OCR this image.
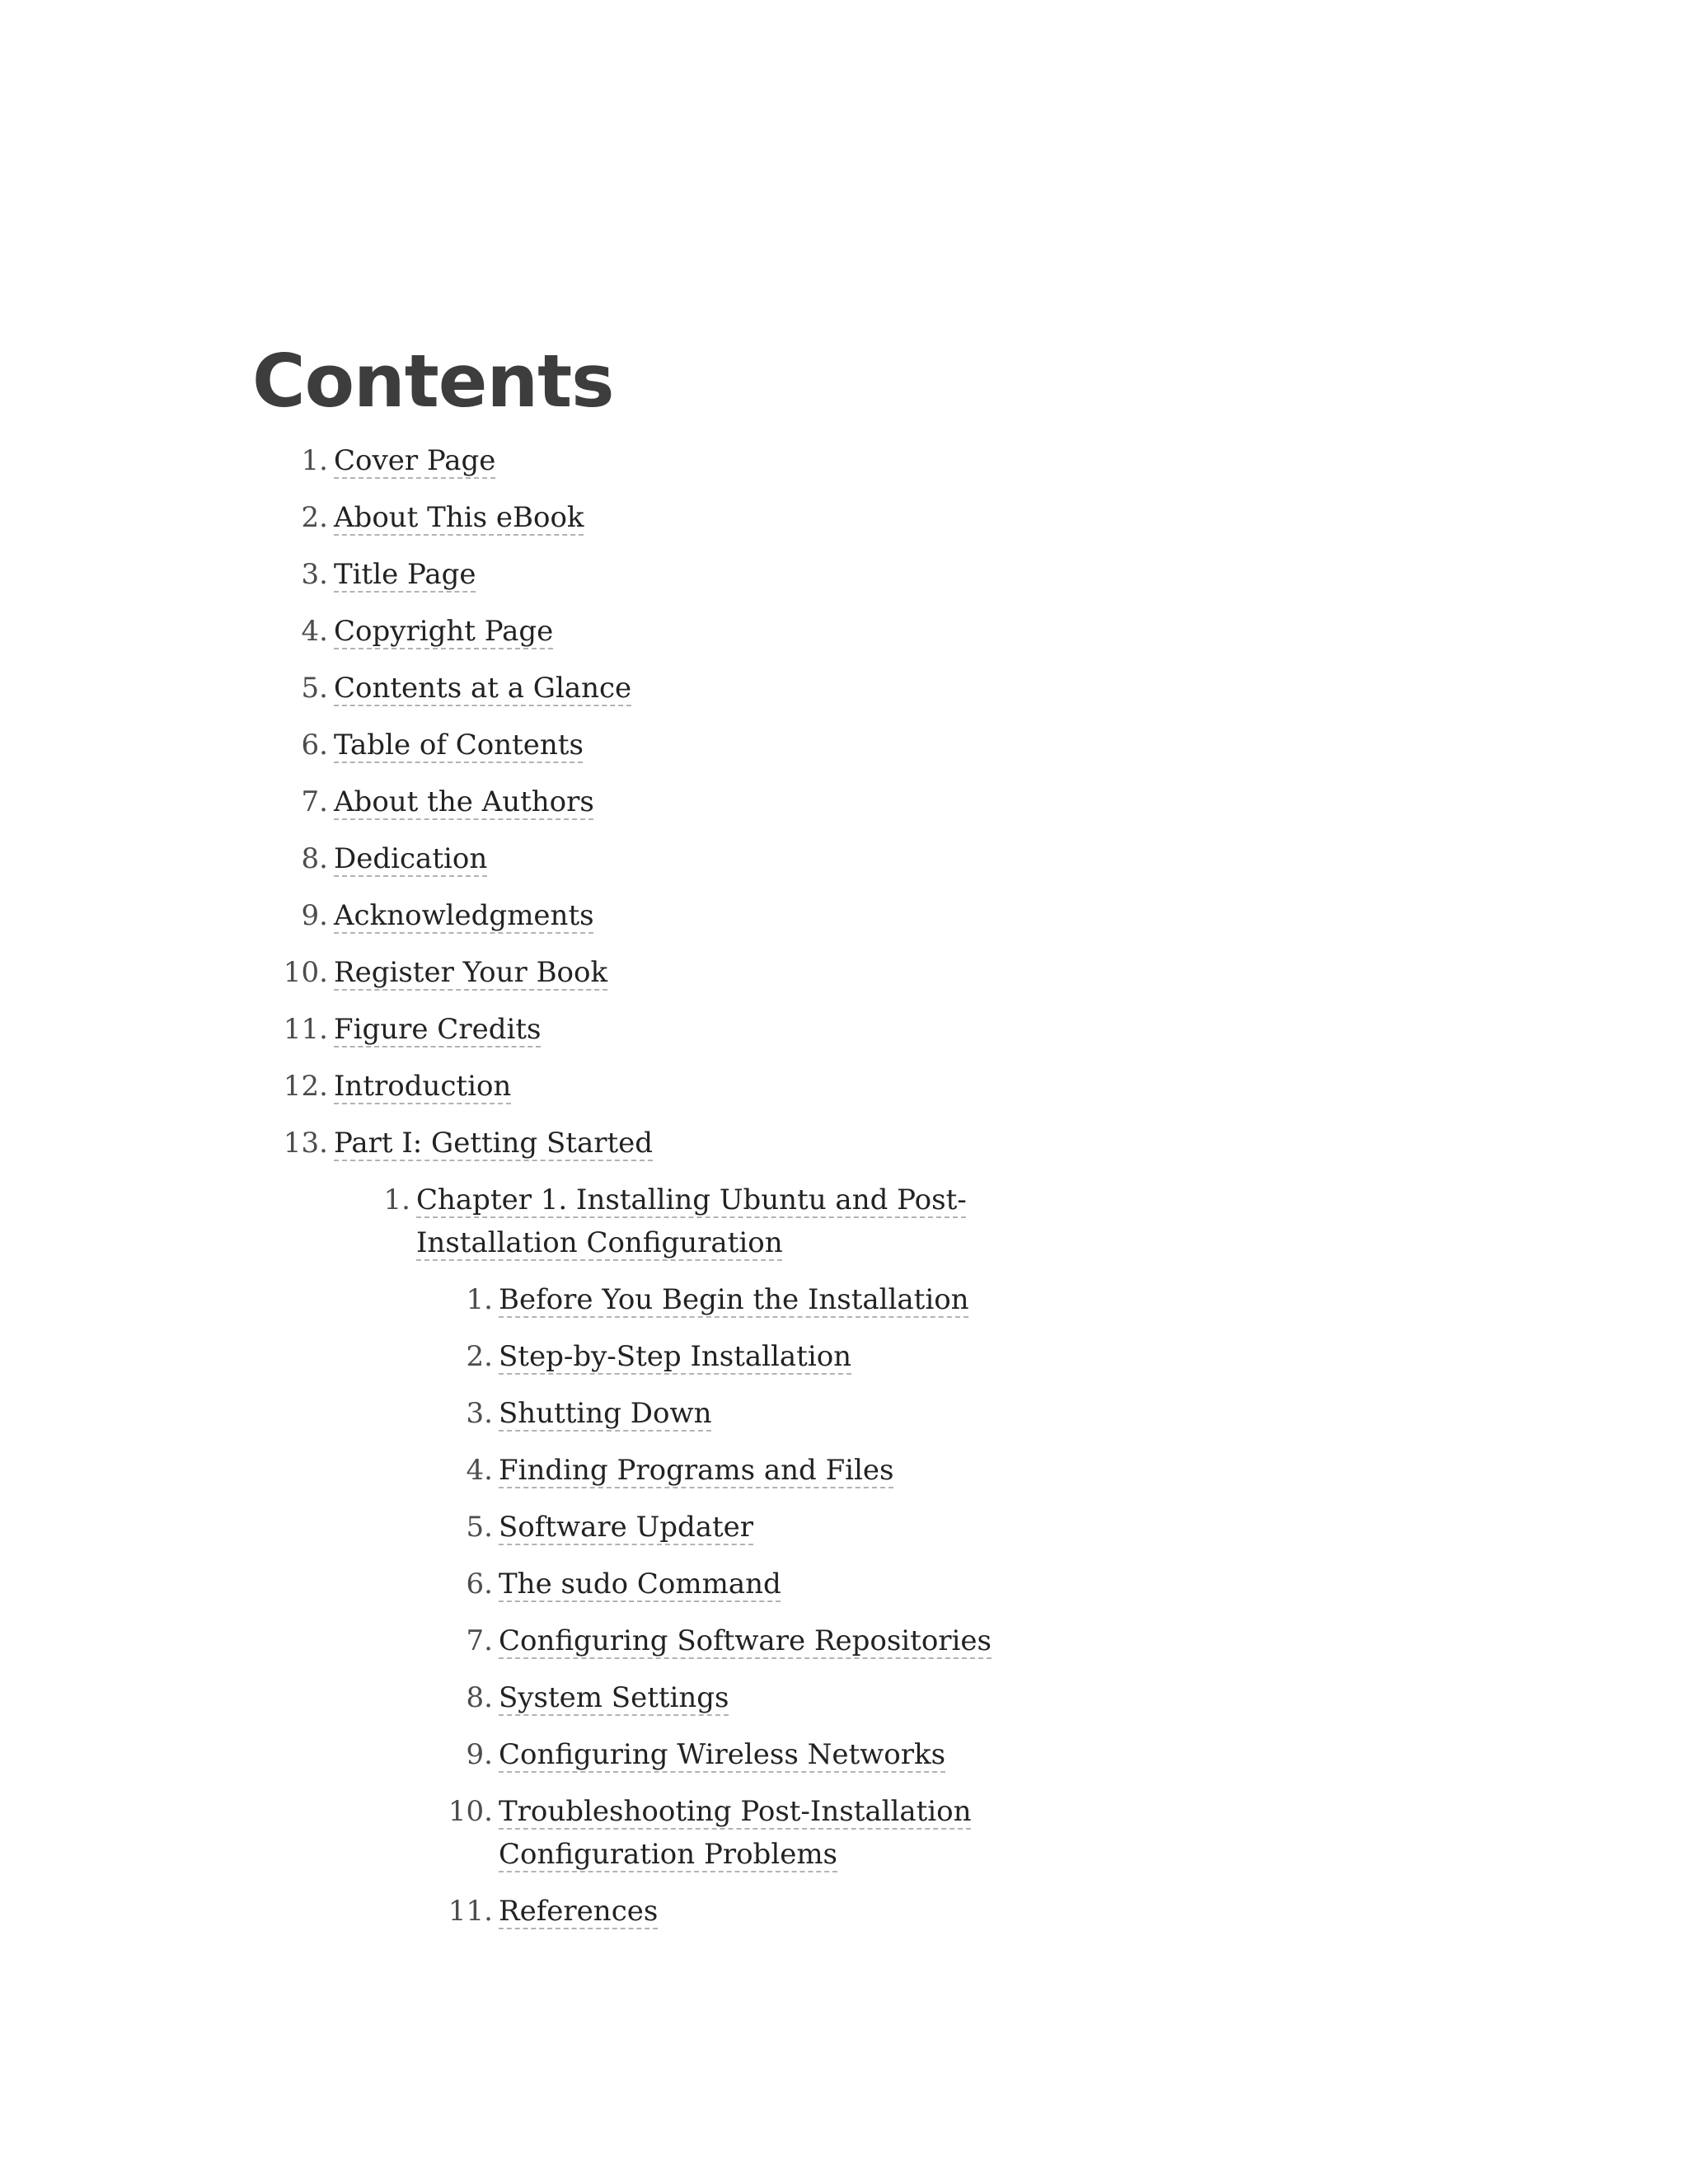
Contents
1. Cover Page
2. About This eBook
3. Title Page
4. Copyright Page
5. Contents at a Glance
6. Table of Contents
7. About the Authors
8. Dedication
9. Acknowledgments
10. Register Your Book
11. Figure Credits
12. Introduction
13. Part I: Getting Started
1. Chapter 1. Installing Ubuntu and Post-Installation Configuration
1. Before You Begin the Installation
2. Step-by-Step Installation
3. Shutting Down
4. Finding Programs and Files
5. Software Updater
6. The sudo Command
7. Configuring Software Repositories
8. System Settings
9. Configuring Wireless Networks
10. Troubleshooting Post-Installation Configuration Problems
11. References
